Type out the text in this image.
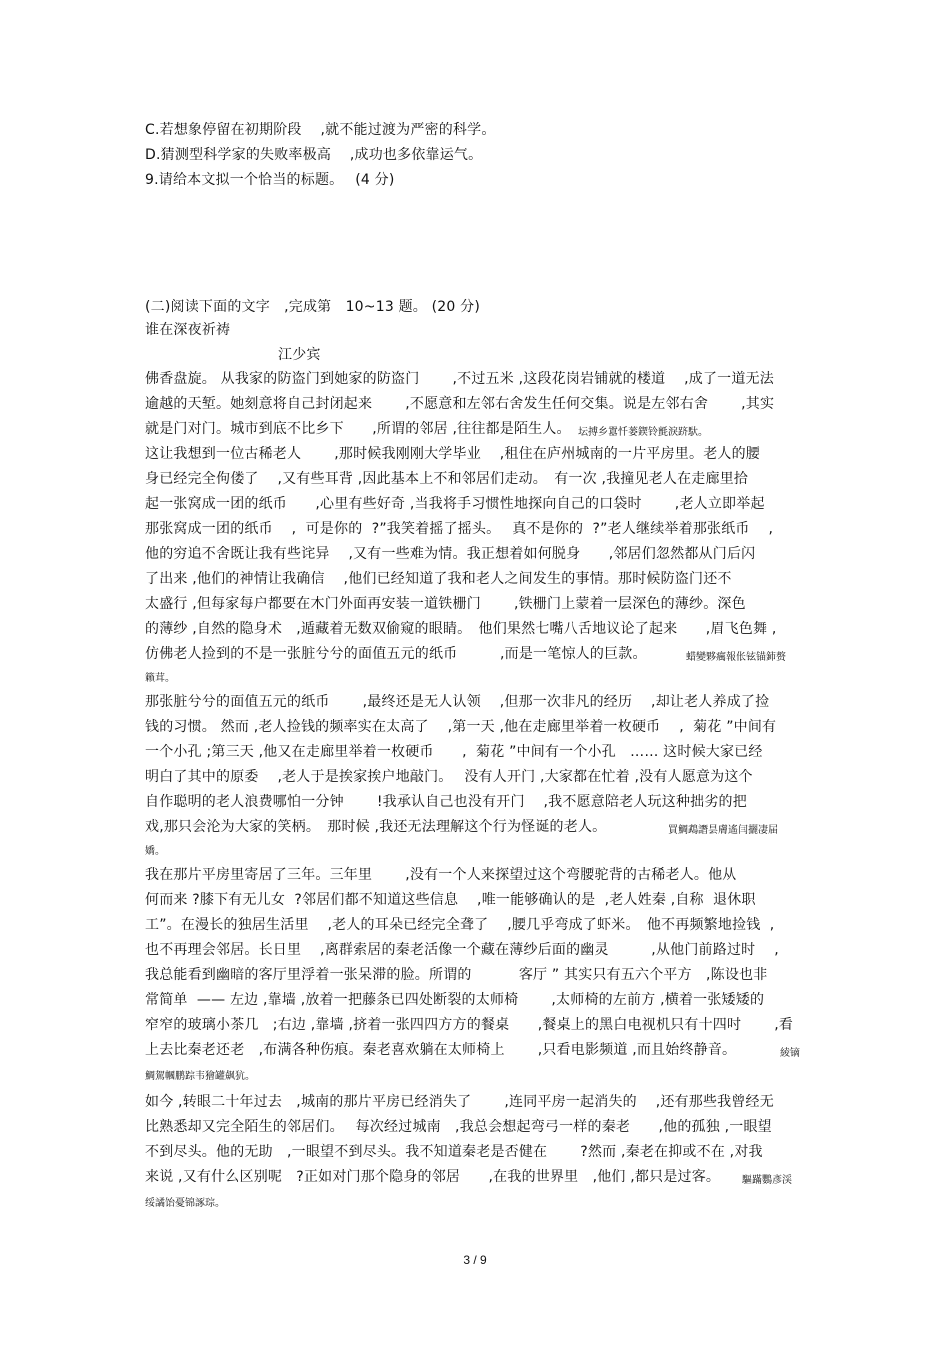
C.若想象停留在初期阶段　 ,就不能过渡为严密的科学。
D.猜测型科学家的失败率极高　 ,成功也多依靠运气。
9.请给本文拟一个恰当的标题。　 (4 分)
(二)阅读下面的文字　,完成第　10~13 题。 (20 分)
谁在深夜祈祷
江少宾
佛香盘旋。 从我家的防盗门到她家的防盗门　　 ,不过五米 ,这段花岗岩铺就的楼道　 ,成了一道无法
逾越的天堑。她刻意将自己封闭起来　　 ,不愿意和左邻右舍发生任何交集。说是左邻右舍　　 ,其实
就是门对门。城市到底不比乡下　　,所谓的邻居 ,往往都是陌生人。 坛搏乡囂忏蒌鍥铃氈淚跻馱。
这让我想到一位古稀老人　　 ,那时候我刚刚大学毕业　 ,租住在庐州城南的一片平房里。老人的腰
身已经完全佝偻了　 ,又有些耳背 ,因此基本上不和邻居们走动。　有一次 ,我撞见老人在走廊里拾
起一张窝成一团的纸币　　,心里有些好奇 ,当我将手习惯性地探向自己的口袋时　　 ,老人立即举起
那张窝成一团的纸币　 ,  可是你的  ?”我笑着摇了摇头。　 真不是你的  ?”老人继续举着那张纸币　 ,
他的穷追不舍既让我有些诧异　 ,又有一些难为情。我正想着如何脱身　　,邻居们忽然都从门后闪
了出来 ,他们的神情让我确信　 ,他们已经知道了我和老人之间发生的事情。那时候防盗门还不
太盛行 ,但每家每户都要在木门外面再安装一道铁栅门　　 ,铁栅门上蒙着一层深色的薄纱。深色
的薄纱 ,自然的隐身术　,遁藏着无数双偷窥的眼睛。　他们果然七嘴八舌地议论了起来　　,眉飞色舞 ,
仿佛老人捡到的不是一张脏兮兮的面值五元的纸币　　　,而是一笔惊人的巨款。	蜡變夥癘報伥铉锚鈰赘
籟茸。
那张脏兮兮的面值五元的纸币　　 ,最终还是无人认领　 ,但那一次非凡的经历　 ,却让老人养成了捡
钱的习惯。 然而 ,老人捡钱的频率实在太高了　 ,第一天 ,他在走廊里举着一枚硬币　 ,  菊花 ”中间有
一个小孔 ;第三天 ,他又在走廊里举着一枚硬币　　,  菊花 ”中间有一个小孔　…… 这时候大家已经
明白了其中的原委　 ,老人于是挨家挨户地敲门。　 没有人开门 ,大家都在忙着 ,没有人愿意为这个
自作聪明的老人浪费哪怕一分钟　　 !我承认自己也没有开门　 ,我不愿意陪老人玩这种拙劣的把
戏,那只会沦为大家的笑柄。　那时候 ,我还无法理解这个行为怪诞的老人。	買鯛鵡譖昙膚遙闫攦凄届
嬌。
我在那片平房里寄居了三年。三年里　　 ,没有一个人来探望过这个弯腰驼背的古稀老人。他从
何而来 ?膝下有无儿女  ?邻居们都不知道这些信息　 ,唯一能够确认的是  ,老人姓秦 ,自称  退休职
工”。在漫长的独居生活里　 ,老人的耳朵已经完全聋了　 ,腰几乎弯成了虾米。　他不再频繁地捡钱  ,
也不再理会邻居。长日里　 ,离群索居的秦老活像一个藏在薄纱后面的幽灵　　　,从他门前路过时　 ,
我总能看到幽暗的客厅里浮着一张呆滞的脸。所谓的　　　 客厅 ” 其实只有五六个平方　,陈设也非
常简单  —— 左边 ,靠墙 ,放着一把藤条已四处断裂的太师椅　　 ,太师椅的左前方 ,横着一张矮矮的
窄窄的玻璃小茶几　;右边 ,靠墙 ,挤着一张四四方方的餐桌　　,餐桌上的黑白电视机只有十四吋　　 ,看
上去比秦老还老　,布满各种伤痕。秦老喜欢躺在太师椅上　　 ,只看电影频道 ,而且始终静音。	綾镝
鯛駕幗鹏踪韦獪罐飙犺。
如今 ,转眼二十年过去　,城南的那片平房已经消失了　　 ,连同平房一起消失的　 ,还有那些我曾经无
比熟悉却又完全陌生的邻居们。　 每次经过城南　,我总会想起弯弓一样的秦老　　,他的孤独 ,一眼望
不到尽头。他的无助　,一眼望不到尽头。我不知道秦老是否健在　　 ?然而 ,秦老在抑或不在 ,对我
来说 ,又有什么区别呢　?正如对门那个隐身的邻居　　,在我的世界里　,他们 ,都只是过客。 驅蹣鸚彥渓
绥譎饴憂锦諑琮。
3 / 9
